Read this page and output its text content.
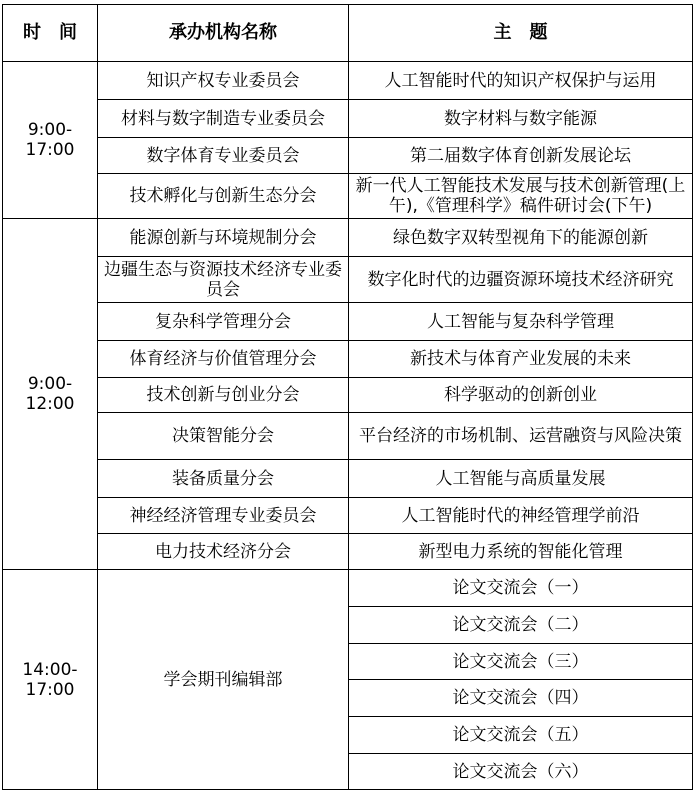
时　间	承办机构名称	主　题

9:00-
17:00	知识产权专业委员会	人工智能时代的知识产权保护与运用
	材料与数字制造专业委员会	数字材料与数字能源
	数字体育专业委员会	第二届数字体育创新发展论坛
	技术孵化与创新生态分会	新一代人工智能技术发展与技术创新管理(上午),《管理科学》稿件研讨会(下午)

9:00-
12:00	能源创新与环境规制分会	绿色数字双转型视角下的能源创新
	边疆生态与资源技术经济专业委员会	数字化时代的边疆资源环境技术经济研究
	复杂科学管理分会	人工智能与复杂科学管理
	体育经济与价值管理分会	新技术与体育产业发展的未来
	技术创新与创业分会	科学驱动的创新创业
	决策智能分会	平台经济的市场机制、运营融资与风险决策
	装备质量分会	人工智能与高质量发展
	神经经济管理专业委员会	人工智能时代的神经管理学前沿
	电力技术经济分会	新型电力系统的智能化管理

14:00-
17:00	学会期刊编辑部	论文交流会（一）
		论文交流会（二）
		论文交流会（三）
		论文交流会（四）
		论文交流会（五）
		论文交流会（六）
